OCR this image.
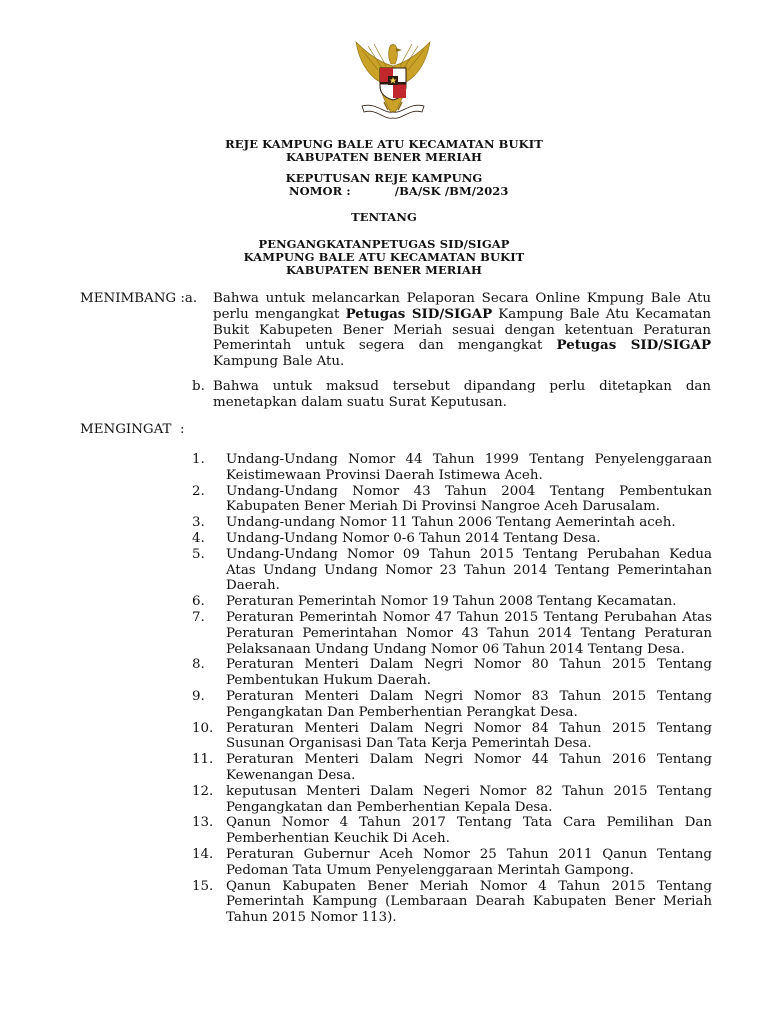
REJE KAMPUNG BALE ATU KECAMATAN BUKIT
KABUPATEN BENER MERIAH
KEPUTUSAN REJE KAMPUNG
NOMOR :	/BA/SK /BM/2023
TENTANG
PENGANGKATANPETUGAS SID/SIGAP
KAMPUNG BALE ATU KECAMATAN BUKIT
KABUPATEN BENER MERIAH
MENIMBANG :a. Bahwa untuk melancarkan Pelaporan Secara Online Kmpung Bale Atu perlu mengangkat Petugas SID/SIGAP Kampung Bale Atu Kecamatan Bukit Kabupeten Bener Meriah sesuai dengan ketentuan Peraturan Pemerintah untuk segera dan mengangkat Petugas SID/SIGAP Kampung Bale Atu.
b. Bahwa untuk maksud tersebut dipandang perlu ditetapkan dan menetapkan dalam suatu Surat Keputusan.
MENGINGAT :
1.	Undang-Undang Nomor 44 Tahun 1999 Tentang Penyelenggaraan Keistimewaan Provinsi Daerah Istimewa Aceh.
2.	Undang-Undang Nomor 43 Tahun 2004 Tentang Pembentukan Kabupaten Bener Meriah Di Provinsi Nangroe Aceh Darusalam.
3.	Undang-undang Nomor 11 Tahun 2006 Tentang Aemerintah aceh.
4.	Undang-Undang Nomor 0-6 Tahun 2014 Tentang Desa.
5.	Undang-Undang Nomor 09 Tahun 2015 Tentang Perubahan Kedua Atas Undang Undang Nomor 23 Tahun 2014 Tentang Pemerintahan Daerah.
6.	Peraturan Pemerintah Nomor 19 Tahun 2008 Tentang Kecamatan.
7.	Peraturan Pemerintah Nomor 47 Tahun 2015 Tentang Perubahan Atas Peraturan Pemerintahan Nomor 43 Tahun 2014 Tentang Peraturan Pelaksanaan Undang Undang Nomor 06 Tahun 2014 Tentang Desa.
8.	Peraturan Menteri Dalam Negri Nomor 80 Tahun 2015 Tentang Pembentukan Hukum Daerah.
9.	Peraturan Menteri Dalam Negri Nomor 83 Tahun 2015 Tentang Pengangkatan Dan Pemberhentian Perangkat Desa.
10. Peraturan Menteri Dalam Negri Nomor 84 Tahun 2015 Tentang Susunan Organisasi Dan Tata Kerja Pemerintah Desa.
11. Peraturan Menteri Dalam Negri Nomor 44 Tahun 2016 Tentang Kewenangan Desa.
12. keputusan Menteri Dalam Negeri Nomor 82 Tahun 2015 Tentang Pengangkatan dan Pemberhentian Kepala Desa.
13. Qanun Nomor 4 Tahun 2017 Tentang Tata Cara Pemilihan Dan Pemberhentian Keuchik Di Aceh.
14. Peraturan Gubernur Aceh Nomor 25 Tahun 2011 Qanun Tentang Pedoman Tata Umum Penyelenggaraan Merintah Gampong.
15. Qanun Kabupaten Bener Meriah Nomor 4 Tahun 2015 Tentang Pemerintah Kampung (Lembaraan Dearah Kabupaten Bener Meriah Tahun 2015 Nomor 113).
